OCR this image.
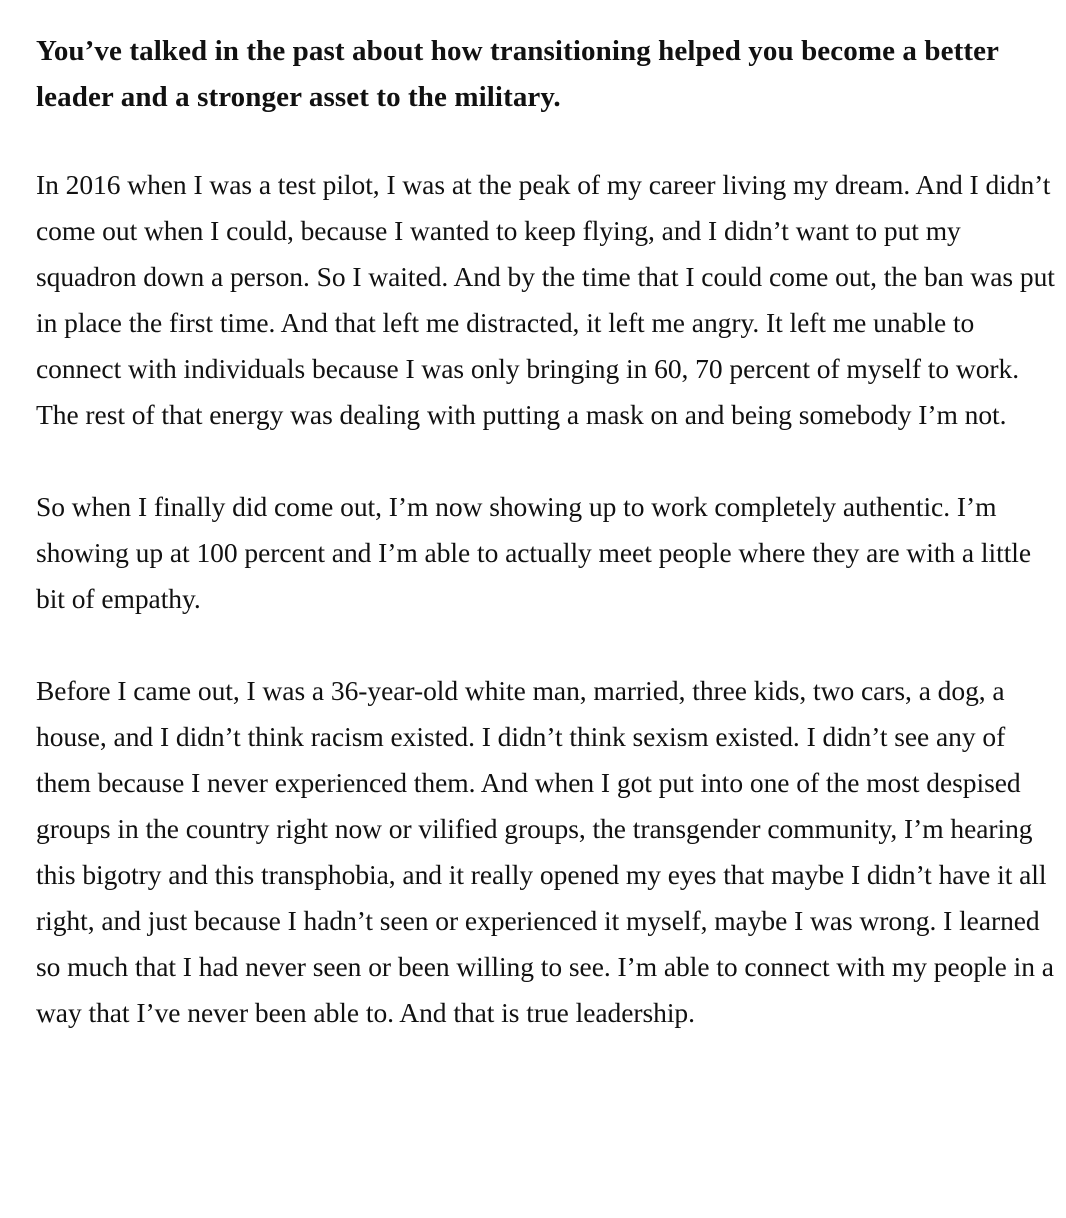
You’ve talked in the past about how transitioning helped you become a better leader and a stronger asset to the military.

In 2016 when I was a test pilot, I was at the peak of my career living my dream. And I didn’t come out when I could, because I wanted to keep flying, and I didn’t want to put my squadron down a person. So I waited. And by the time that I could come out, the ban was put in place the first time. And that left me distracted, it left me angry. It left me unable to connect with individuals because I was only bringing in 60, 70 percent of myself to work. The rest of that energy was dealing with putting a mask on and being somebody I’m not.

So when I finally did come out, I’m now showing up to work completely authentic. I’m showing up at 100 percent and I’m able to actually meet people where they are with a little bit of empathy.

Before I came out, I was a 36-year-old white man, married, three kids, two cars, a dog, a house, and I didn’t think racism existed. I didn’t think sexism existed. I didn’t see any of them because I never experienced them. And when I got put into one of the most despised groups in the country right now or vilified groups, the transgender community, I’m hearing this bigotry and this transphobia, and it really opened my eyes that maybe I didn’t have it all right, and just because I hadn’t seen or experienced it myself, maybe I was wrong. I learned so much that I had never seen or been willing to see. I’m able to connect with my people in a way that I’ve never been able to. And that is true leadership.
